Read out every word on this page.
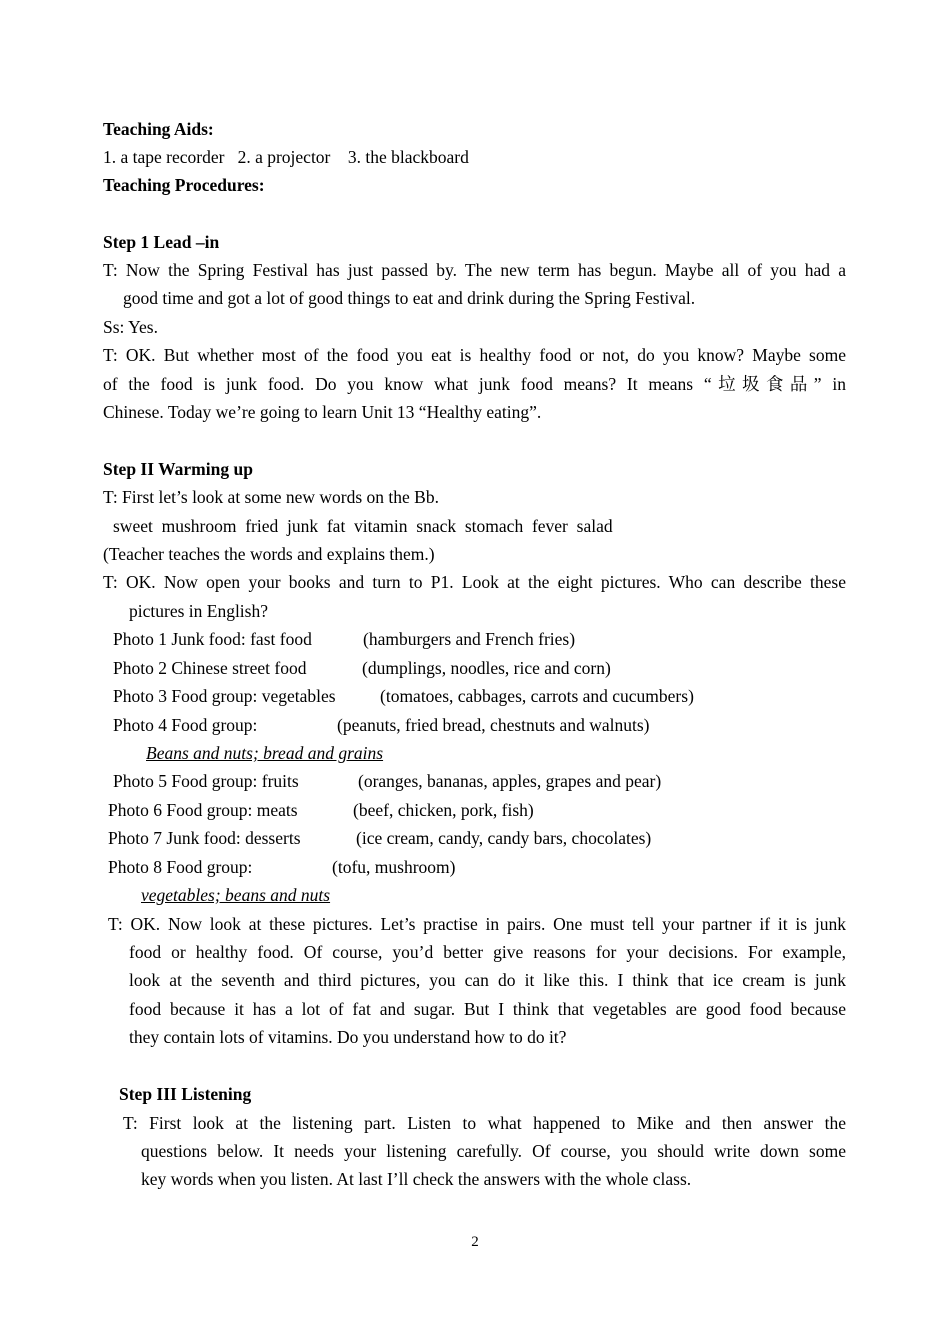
Teaching Aids:
1. a tape recorder   2. a projector    3. the blackboard
Teaching Procedures:
Step 1 Lead –in
T: Now the Spring Festival has just passed by. The new term has begun. Maybe all of you had a
good time and got a lot of good things to eat and drink during the Spring Festival.
Ss: Yes.
T: OK. But whether most of the food you eat is healthy food or not, do you know? Maybe some
of the food is junk food. Do you know what junk food means? It means “垃圾食品” in
Chinese. Today we’re going to learn Unit 13 “Healthy eating”.
Step II Warming up
T: First let’s look at some new words on the Bb.
sweet  mushroom  fried  junk  fat  vitamin  snack  stomach  fever  salad
(Teacher teaches the words and explains them.)
T: OK. Now open your books and turn to P1. Look at the eight pictures. Who can describe these
pictures in English?
Photo 1 Junk food: fast food	(hamburgers and French fries)
Photo 2 Chinese street food	(dumplings, noodles, rice and corn)
Photo 3 Food group: vegetables	(tomatoes, cabbages, carrots and cucumbers)
Photo 4 Food group:	(peanuts, fried bread, chestnuts and walnuts)
Beans and nuts; bread and grains
Photo 5 Food group: fruits	(oranges, bananas, apples, grapes and pear)
Photo 6 Food group: meats	(beef, chicken, pork, fish)
Photo 7 Junk food: desserts	(ice cream, candy, candy bars, chocolates)
Photo 8 Food group:	(tofu, mushroom)
vegetables; beans and nuts
T: OK. Now look at these pictures. Let’s practise in pairs. One must tell your partner if it is junk
food or healthy food. Of course, you’d better give reasons for your decisions. For example,
look at the seventh and third pictures, you can do it like this. I think that ice cream is junk
food because it has a lot of fat and sugar. But I think that vegetables are good food because
they contain lots of vitamins. Do you understand how to do it?
Step III Listening
T: First look at the listening part. Listen to what happened to Mike and then answer the
questions below. It needs your listening carefully. Of course, you should write down some
key words when you listen. At last I’ll check the answers with the whole class.
2
